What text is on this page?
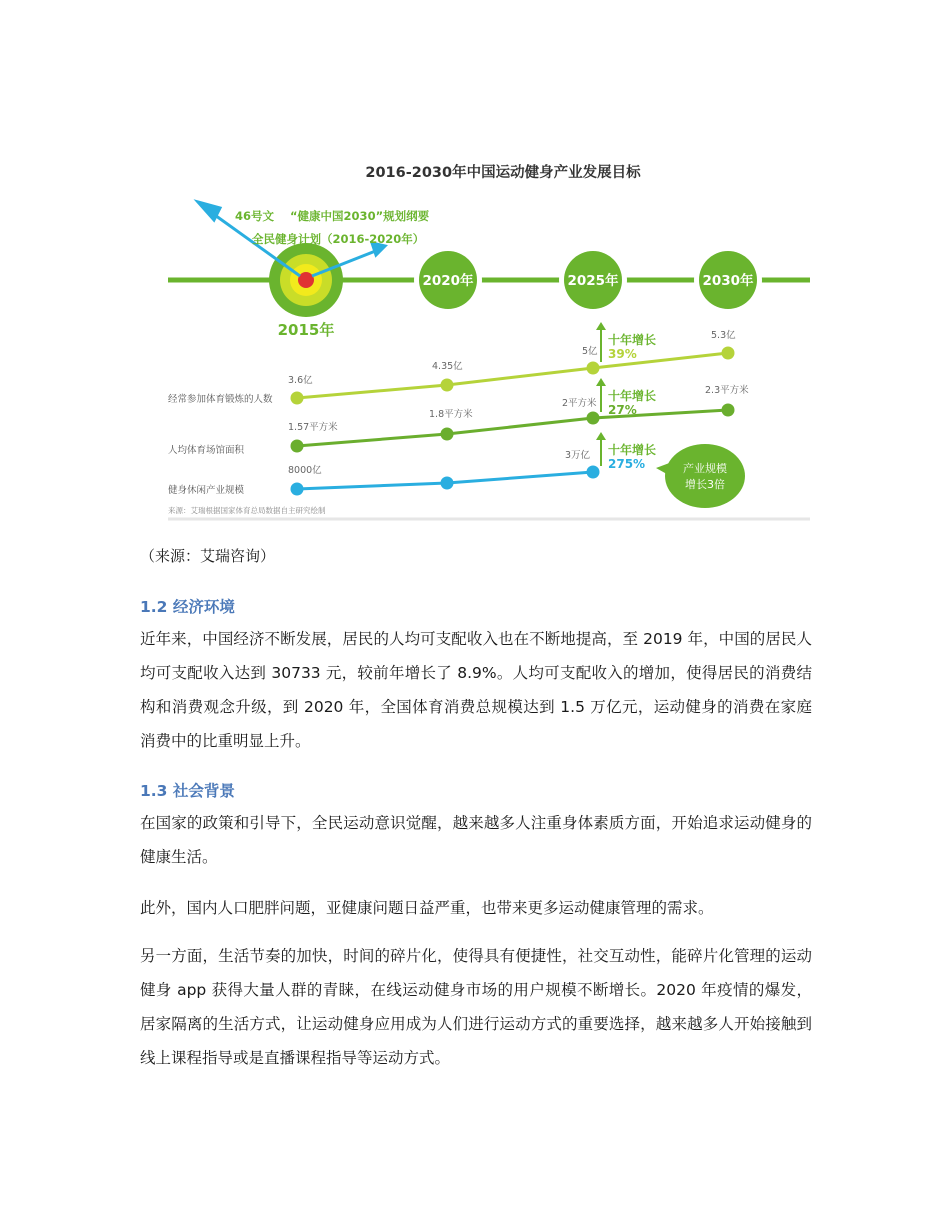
2016-2030年中国运动健身产业发展目标
46号文 “健康中国2030”规划纲要
全民健身计划（2016-2020年）
2015年
2020年	2025年	2030年
经常参加体育锻炼的人数
3.6亿
4.35亿
5亿
5.3亿
人均体育场馆面积
1.57平方米
1.8平方米
2平方米
2.3平方米
健身休闲产业规模
8000亿
3万亿
十年增长
39%
十年增长
27%
十年增长
275%	产业规模
增长3倍
来源：艾瑞根据国家体育总局数据自主研究绘制
（来源：艾瑞咨询）
1.2 经济环境

近年来，中国经济不断发展，居民的人均可支配收入也在不断地提高，至 2019 年，中国的居民人均可支配收入达到 30733 元，较前年增长了 8.9%。人均可支配收入的增加，使得居民的消费结构和消费观念升级，到 2020 年，全国体育消费总规模达到 1.5 万亿元，运动健身的消费在家庭消费中的比重明显上升。

1.3 社会背景

在国家的政策和引导下，全民运动意识觉醒，越来越多人注重身体素质方面，开始追求运动健身的健康生活。

此外，国内人口肥胖问题，亚健康问题日益严重，也带来更多运动健康管理的需求。

另一方面，生活节奏的加快，时间的碎片化，使得具有便捷性，社交互动性，能碎片化管理的运动健身 app 获得大量人群的青睐，在线运动健身市场的用户规模不断增长。2020 年疫情的爆发，居家隔离的生活方式，让运动健身应用成为人们进行运动方式的重要选择，越来越多人开始接触到线上课程指导或是直播课程指导等运动方式。
